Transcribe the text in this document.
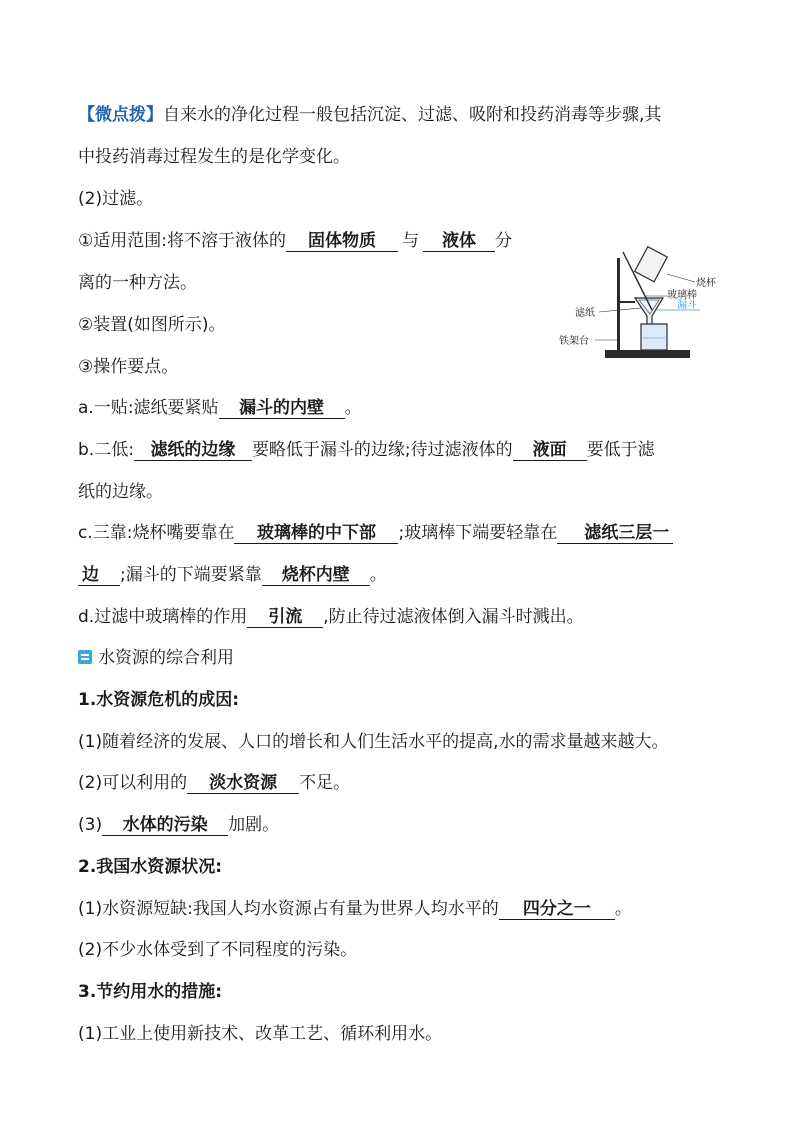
【微点拨】自来水的净化过程一般包括沉淀、过滤、吸附和投药消毒等步骤,其
中投药消毒过程发生的是化学变化。
(2)过滤。
①适用范围:将不溶于液体的 固体物质 与 液体 分
离的一种方法。
②装置(如图所示)。
③操作要点。
a.一贴:滤纸要紧贴 漏斗的内壁 。
b.二低: 滤纸的边缘 要略低于漏斗的边缘;待过滤液体的 液面 要低于滤
纸的边缘。
c.三靠:烧杯嘴要靠在 玻璃棒的中下部 ;玻璃棒下端要轻靠在 滤纸三层一
边 ;漏斗的下端要紧靠 烧杯内壁 。
d.过滤中玻璃棒的作用 引流 ,防止待过滤液体倒入漏斗时溅出。
烧杯
玻璃棒
漏斗
滤纸
铁架台
水资源的综合利用
1.水资源危机的成因:
(1)随着经济的发展、人口的增长和人们生活水平的提高,水的需求量越来越大。
(2)可以利用的 淡水资源 不足。
(3) 水体的污染 加剧。
2.我国水资源状况:
(1)水资源短缺:我国人均水资源占有量为世界人均水平的 四分之一 。
(2)不少水体受到了不同程度的污染。
3.节约用水的措施:
(1)工业上使用新技术、改革工艺、循环利用水。
